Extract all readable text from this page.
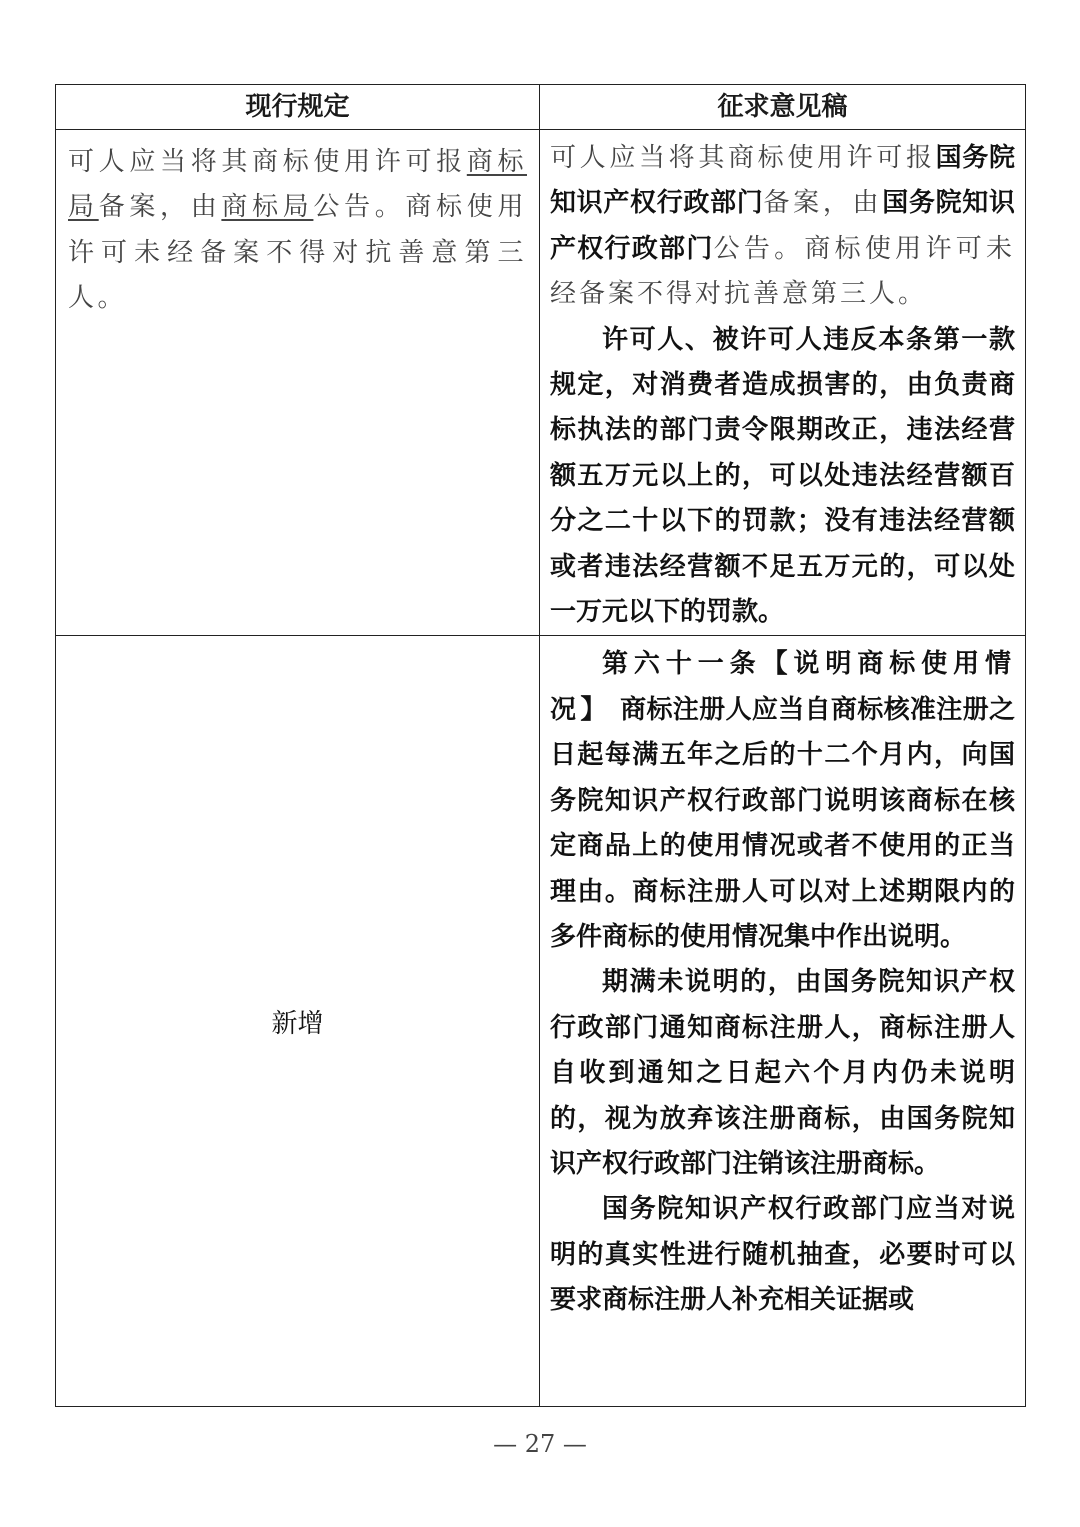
现行规定	征求意见稿

可人应当将其商标使用许可报商标局备案，由商标局公告。商标使用许可未经备案不得对抗善意第三人。	可人应当将其商标使用许可报国务院知识产权行政部门备案，由国务院知识产权行政部门公告。商标使用许可未经备案不得对抗善意第三人。

许可人、被许可人违反本条第一款规定，对消费者造成损害的，由负责商标执法的部门责令限期改正，违法经营额五万元以上的，可以处违法经营额百分之二十以下的罚款；没有违法经营额或者违法经营额不足五万元的，可以处一万元以下的罚款。

新增	第六十一条【说明商标使用情况】 商标注册人应当自商标核准注册之日起每满五年之后的十二个月内，向国务院知识产权行政部门说明该商标在核定商品上的使用情况或者不使用的正当理由。商标注册人可以对上述期限内的多件商标的使用情况集中作出说明。

期满未说明的，由国务院知识产权行政部门通知商标注册人，商标注册人自收到通知之日起六个月内仍未说明的，视为放弃该注册商标，由国务院知识产权行政部门注销该注册商标。

国务院知识产权行政部门应当对说明的真实性进行随机抽查，必要时可以要求商标注册人补充相关证据或

— 27 —
